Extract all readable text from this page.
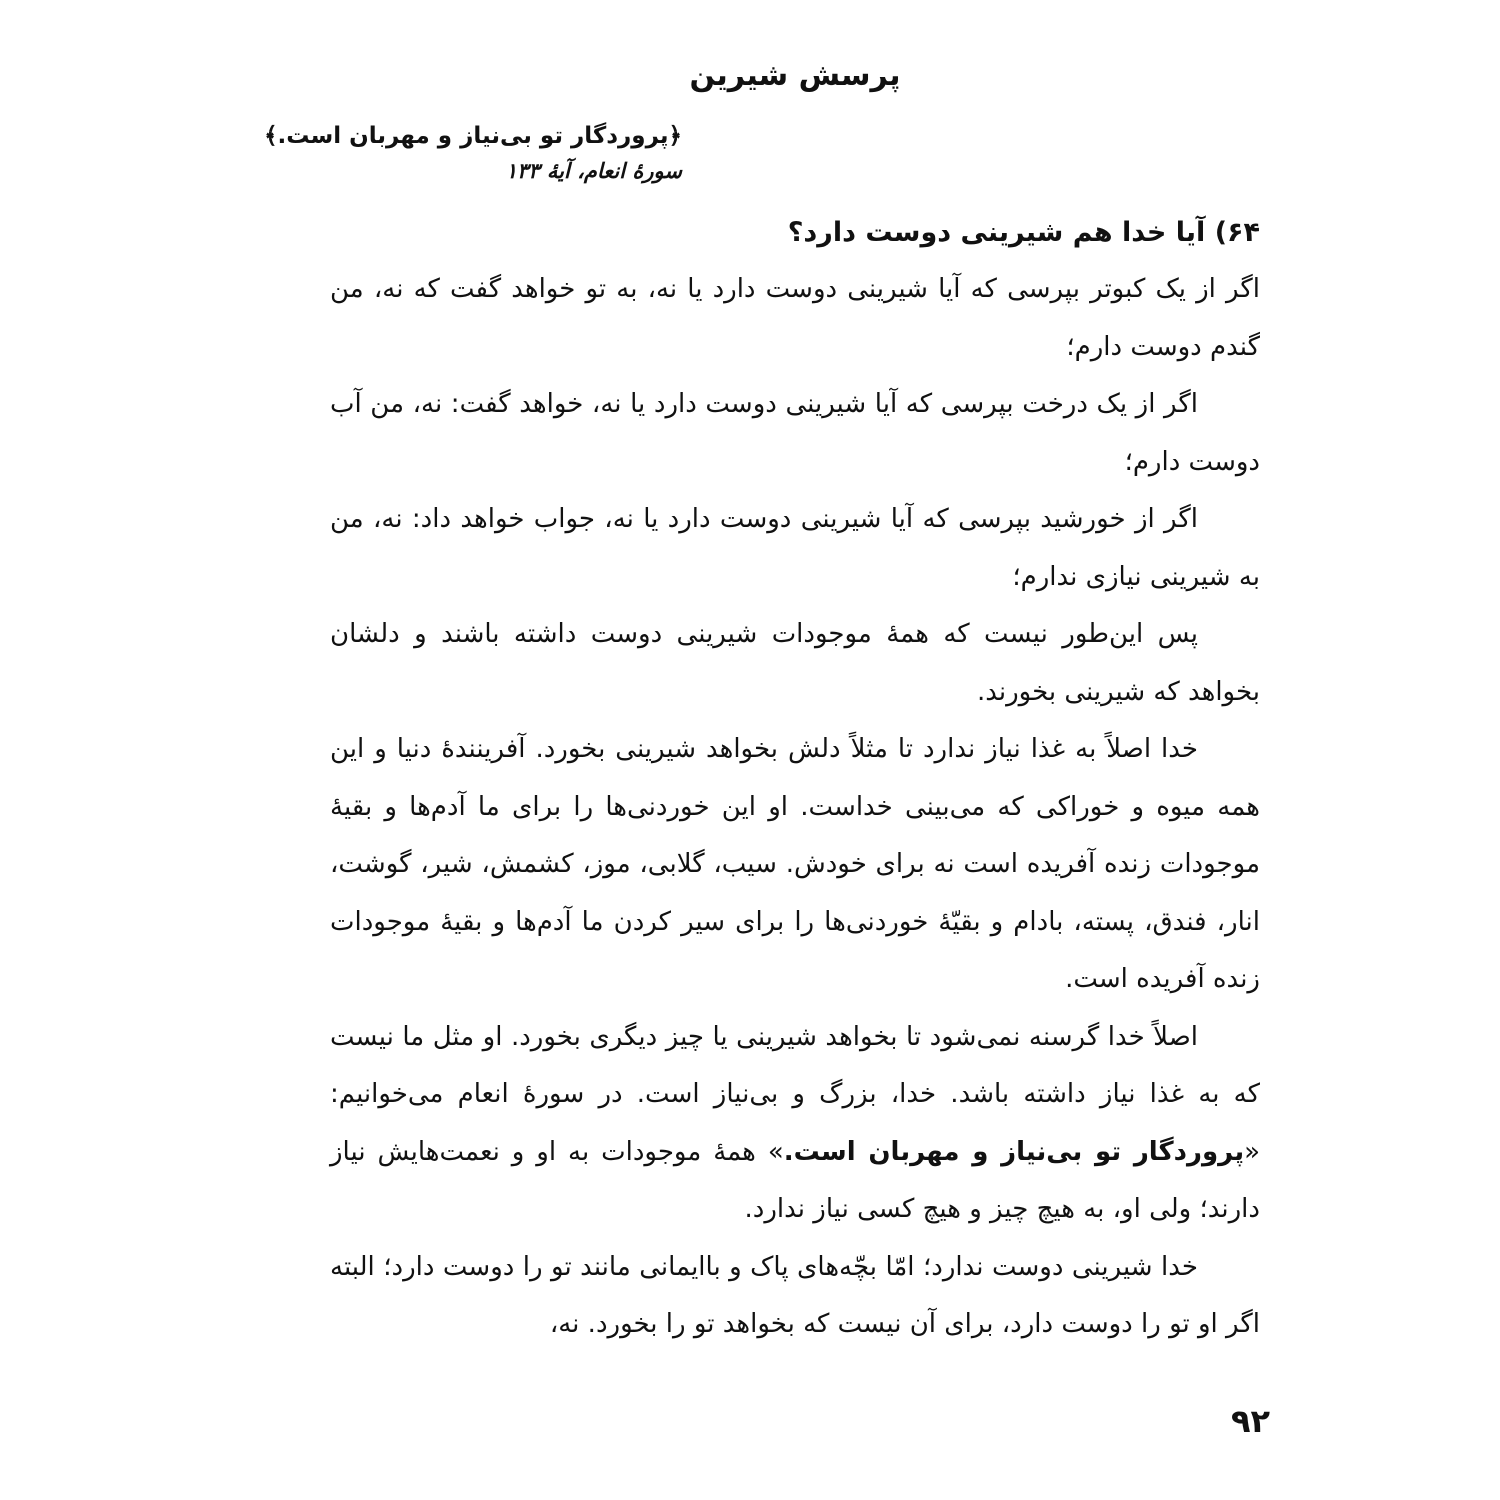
پرسش شیرین
﴿پروردگار تو بی‌نیاز و مهربان است.﴾
سورهٔ انعام، آیهٔ ۱۳۳

۶۴) آیا خدا هم شیرینی دوست دارد؟

اگر از یک کبوتر بپرسی که آیا شیرینی دوست دارد یا نه، به تو خواهد گفت که نه، من گندم دوست دارم؛

اگر از یک درخت بپرسی که آیا شیرینی دوست دارد یا نه، خواهد گفت: نه، من آب دوست دارم؛

اگر از خورشید بپرسی که آیا شیرینی دوست دارد یا نه، جواب خواهد داد: نه، من به شیرینی نیازی ندارم؛

پس این‌طور نیست که همهٔ موجودات شیرینی دوست داشته باشند و دلشان بخواهد که شیرینی بخورند.

خدا اصلاً به غذا نیاز ندارد تا مثلاً دلش بخواهد شیرینی بخورد. آفرینندهٔ دنیا و این همه میوه و خوراکی که می‌بینی خداست. او این خوردنی‌ها را برای ما آدم‌ها و بقیهٔ موجودات زنده آفریده است نه برای خودش. سیب، گلابی، موز، کشمش، شیر، گوشت، انار، فندق، پسته، بادام و بقیّهٔ خوردنی‌ها را برای سیر کردن ما آدم‌ها و بقیهٔ موجودات زنده آفریده است.

اصلاً خدا گرسنه نمی‌شود تا بخواهد شیرینی یا چیز دیگری بخورد. او مثل ما نیست که به غذا نیاز داشته باشد. خدا، بزرگ و بی‌نیاز است. در سورهٔ انعام می‌خوانیم: «پروردگار تو بی‌نیاز و مهربان است.» همهٔ موجودات به او و نعمت‌هایش نیاز دارند؛ ولی او، به هیچ چیز و هیچ کسی نیاز ندارد.

خدا شیرینی دوست ندارد؛ امّا بچّه‌های پاک و باایمانی مانند تو را دوست دارد؛ البته اگر او تو را دوست دارد، برای آن نیست که بخواهد تو را بخورد. نه،

۹۲
